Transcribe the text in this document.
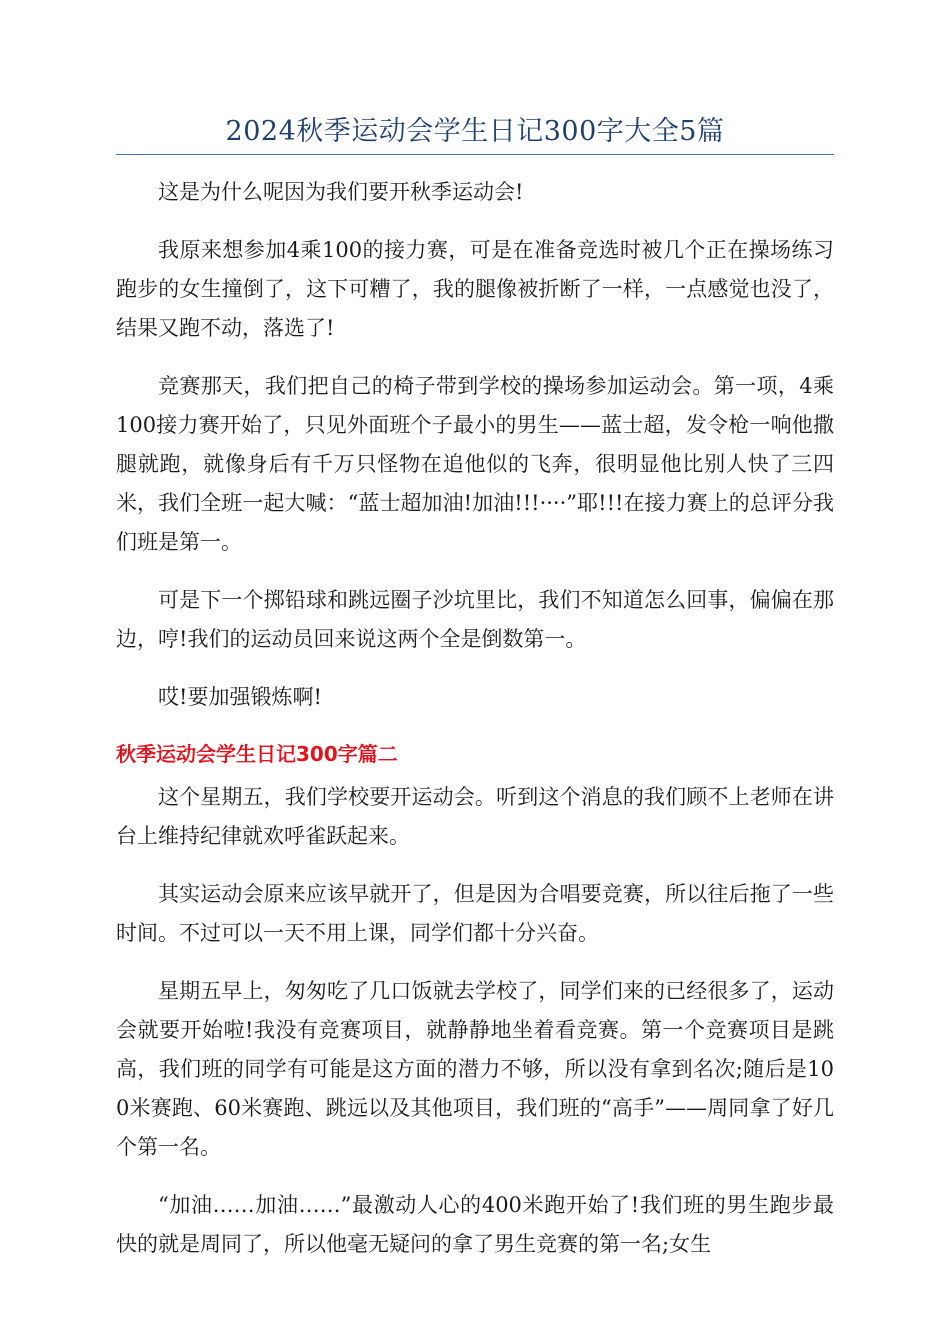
2024秋季运动会学生日记300字大全5篇

这是为什么呢因为我们要开秋季运动会!

我原来想参加4乘100的接力赛，可是在准备竞选时被几个正在操场练习跑步的女生撞倒了，这下可糟了，我的腿像被折断了一样，一点感觉也没了，结果又跑不动，落选了!

竞赛那天，我们把自己的椅子带到学校的操场参加运动会。第一项，4乘100接力赛开始了，只见外面班个子最小的男生——蓝士超，发令枪一响他撒腿就跑，就像身后有千万只怪物在追他似的飞奔，很明显他比别人快了三四米，我们全班一起大喊：“蓝士超加油!加油!!!····”耶!!!在接力赛上的总评分我们班是第一。

可是下一个掷铅球和跳远圈子沙坑里比，我们不知道怎么回事，偏偏在那边，哼!我们的运动员回来说这两个全是倒数第一。

哎!要加强锻炼啊!

秋季运动会学生日记300字篇二

这个星期五，我们学校要开运动会。听到这个消息的我们顾不上老师在讲台上维持纪律就欢呼雀跃起来。

其实运动会原来应该早就开了，但是因为合唱要竞赛，所以往后拖了一些时间。不过可以一天不用上课，同学们都十分兴奋。

星期五早上，匆匆吃了几口饭就去学校了，同学们来的已经很多了，运动会就要开始啦!我没有竞赛项目，就静静地坐着看竞赛。第一个竞赛项目是跳高，我们班的同学有可能是这方面的潜力不够，所以没有拿到名次;随后是100米赛跑、60米赛跑、跳远以及其他项目，我们班的“高手”——周同拿了好几个第一名。

“加油……加油……”最激动人心的400米跑开始了!我们班的男生跑步最快的就是周同了，所以他毫无疑问的拿了男生竞赛的第一名;女生
